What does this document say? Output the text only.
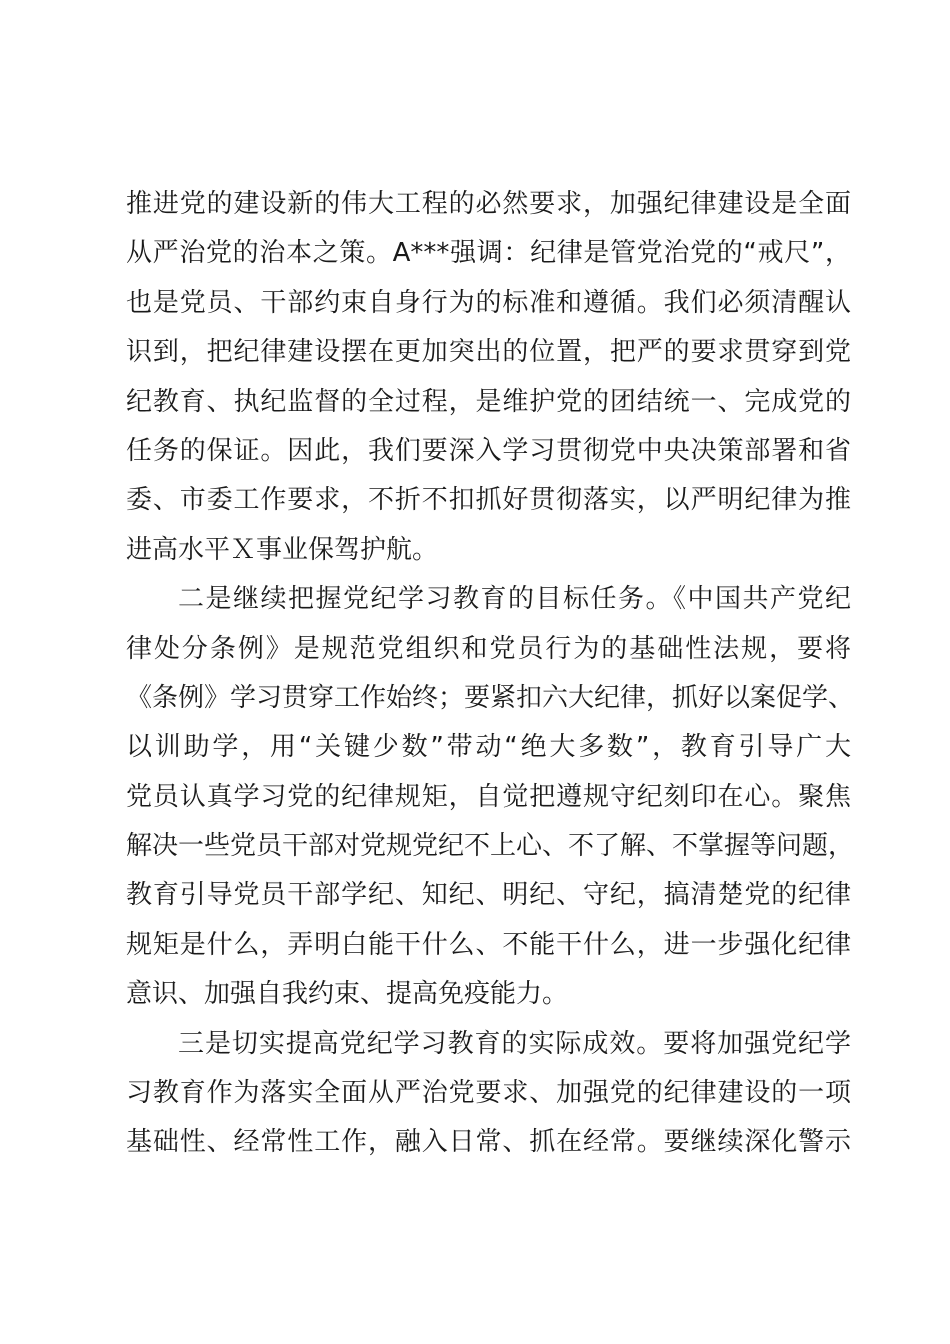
推进党的建设新的伟大工程的必然要求，加强纪律建设是全面
从严治党的治本之策。A***强调：纪律是管党治党的“戒尺”，
也是党员、干部约束自身行为的标准和遵循。我们必须清醒认
识到，把纪律建设摆在更加突出的位置，把严的要求贯穿到党
纪教育、执纪监督的全过程，是维护党的团结统一、完成党的
任务的保证。因此，我们要深入学习贯彻党中央决策部署和省
委、市委工作要求，不折不扣抓好贯彻落实，以严明纪律为推
进高水平Ｘ事业保驾护航。
二是继续把握党纪学习教育的目标任务。《中国共产党纪
律处分条例》是规范党组织和党员行为的基础性法规，要将
《条例》学习贯穿工作始终；要紧扣六大纪律，抓好以案促学、
以训助学，用“关键少数”带动“绝大多数”，教育引导广大
党员认真学习党的纪律规矩，自觉把遵规守纪刻印在心。聚焦
解决一些党员干部对党规党纪不上心、不了解、不掌握等问题，
教育引导党员干部学纪、知纪、明纪、守纪，搞清楚党的纪律
规矩是什么，弄明白能干什么、不能干什么，进一步强化纪律
意识、加强自我约束、提高免疫能力。
三是切实提高党纪学习教育的实际成效。要将加强党纪学
习教育作为落实全面从严治党要求、加强党的纪律建设的一项
基础性、经常性工作，融入日常、抓在经常。要继续深化警示
